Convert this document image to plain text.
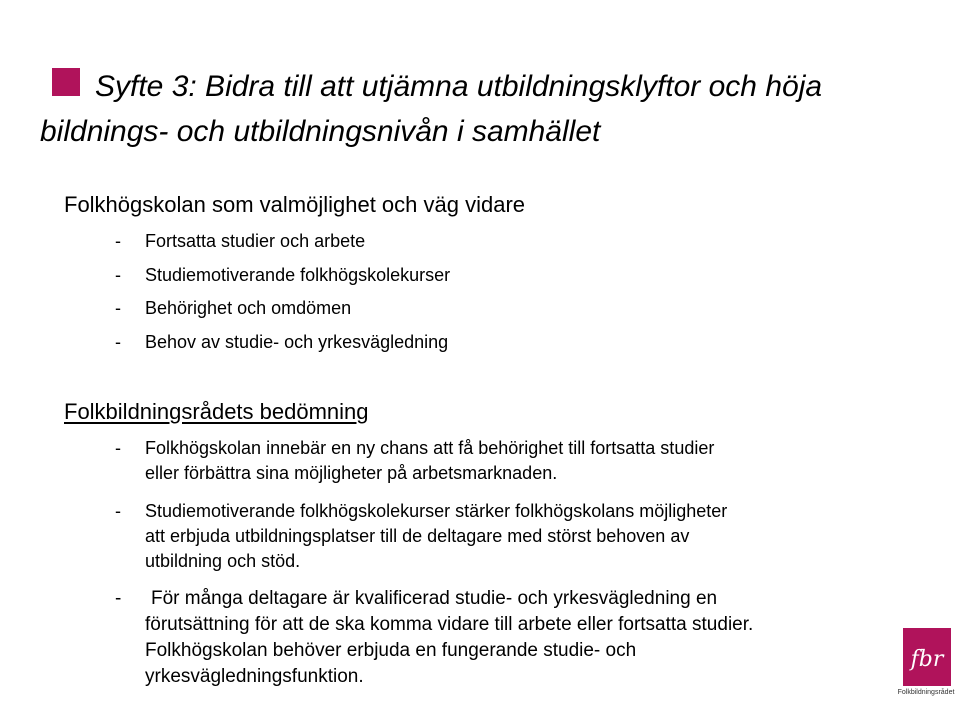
Syfte 3: Bidra till att utjämna utbildningsklyftor och höja
bildnings- och utbildningsnivån i samhället
Folkhögskolan som valmöjlighet och väg vidare
- Fortsatta studier och arbete

- Studiemotiverande folkhögskolekurser

- Behörighet och omdömen

- Behov av studie- och yrkesvägledning

Folkbildningsrådets bedömning
- Folkhögskolan innebär en ny chans att få behörighet till fortsatta studier
eller förbättra sina möjligheter på arbetsmarknaden.
- Studiemotiverande folkhögskolekurser stärker folkhögskolans möjligheter
att erbjuda utbildningsplatser till de deltagare med störst behoven av
utbildning och stöd.
-	För många deltagare är kvalificerad studie- och yrkesvägledning en
förutsättning för att de ska komma vidare till arbete eller fortsatta studier.
Folkhögskolan behöver erbjuda en fungerande studie- och
yrkesvägledningsfunktion.
fbr
Folkbildningsrådet
